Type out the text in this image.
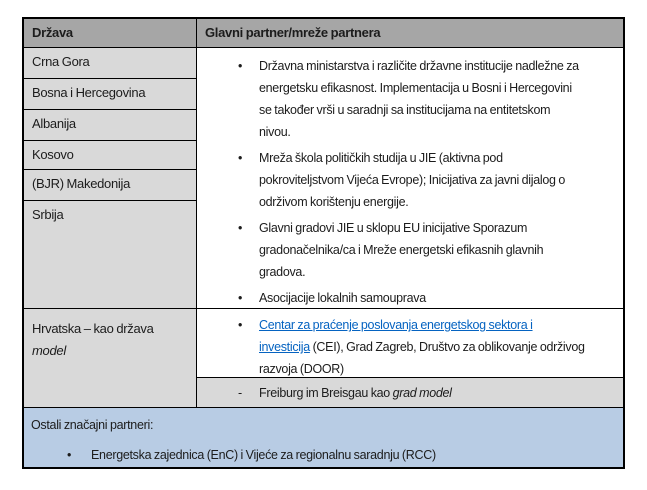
Država	Glavni partner/mreže partnera
Crna Gora
Bosna i Hercegovina
Albanija
Kosovo
(BJR) Makedonija
Srbija
• Državna ministarstva i različite državne institucije nadležne za
energetsku efikasnost. Implementacija u Bosni i Hercegovini
se također vrši u saradnji sa institucijama na entitetskom
nivou.
• Mreža škola političkih studija u JIE (aktivna pod
pokroviteljstvom Vijeća Evrope); Inicijativa za javni dijalog o
održivom korištenju energije.
• Glavni gradovi JIE u sklopu EU inicijative Sporazum
gradonačelnika/ca i Mreže energetski efikasnih glavnih
gradova.
• Asocijacije lokalnih samouprava
Hrvatska – kao država
model
• Centar za praćenje poslovanja energetskog sektora i
investicija (CEI), Grad Zagreb, Društvo za oblikovanje održivog
razvoja (DOOR)
- Freiburg im Breisgau kao grad model
Ostali značajni partneri:
• Energetska zajednica (EnC) i Vijeće za regionalnu saradnju (RCC)
